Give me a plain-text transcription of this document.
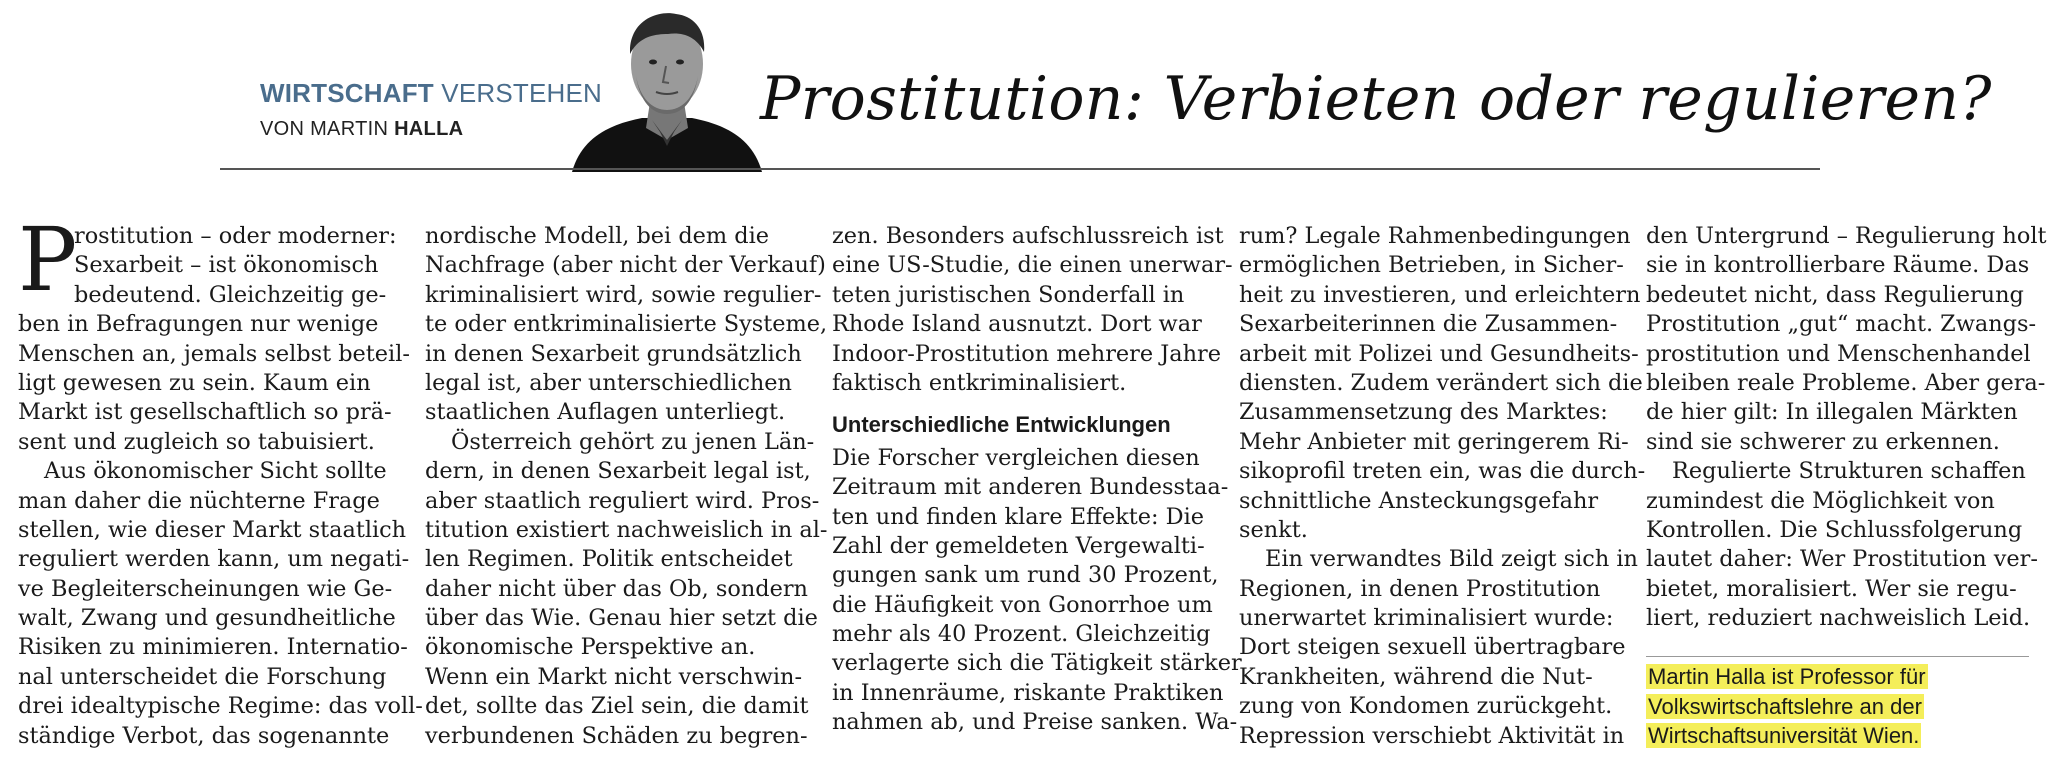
WIRTSCHAFT VERSTEHEN
VON MARTIN HALLA	Prostitution: Verbieten oder regulieren?
P
rostitution – oder moderner:
Sexarbeit – ist ökonomisch
bedeutend. Gleichzeitig ge-
ben in Befragungen nur wenige
Menschen an, jemals selbst beteil-
ligt gewesen zu sein. Kaum ein
Markt ist gesellschaftlich so prä-
sent und zugleich so tabuisiert.
Aus ökonomischer Sicht sollte
man daher die nüchterne Frage
stellen, wie dieser Markt staatlich
reguliert werden kann, um negati-
ve Begleiterscheinungen wie Ge-
walt, Zwang und gesundheitliche
Risiken zu minimieren. Internatio-
nal unterscheidet die Forschung
drei idealtypische Regime: das voll-
ständige Verbot, das sogenannte
nordische Modell, bei dem die
Nachfrage (aber nicht der Verkauf)
kriminalisiert wird, sowie regulier-
te oder entkriminalisierte Systeme,
in denen Sexarbeit grundsätzlich
legal ist, aber unterschiedlichen
staatlichen Auflagen unterliegt.
Österreich gehört zu jenen Län-
dern, in denen Sexarbeit legal ist,
aber staatlich reguliert wird. Pros-
titution existiert nachweislich in al-
len Regimen. Politik entscheidet
daher nicht über das Ob, sondern
über das Wie. Genau hier setzt die
ökonomische Perspektive an.
Wenn ein Markt nicht verschwin-
det, sollte das Ziel sein, die damit
verbundenen Schäden zu begren-
zen. Besonders aufschlussreich ist
eine US-Studie, die einen unerwar-
teten juristischen Sonderfall in
Rhode Island ausnutzt. Dort war
Indoor-Prostitution mehrere Jahre
faktisch entkriminalisiert.
Unterschiedliche Entwicklungen
Die Forscher vergleichen diesen
Zeitraum mit anderen Bundesstaa-
ten und finden klare Effekte: Die
Zahl der gemeldeten Vergewalti-
gungen sank um rund 30 Prozent,
die Häufigkeit von Gonorrhoe um
mehr als 40 Prozent. Gleichzeitig
verlagerte sich die Tätigkeit stärker
in Innenräume, riskante Praktiken
nahmen ab, und Preise sanken. Wa-
rum? Legale Rahmenbedingungen
ermöglichen Betrieben, in Sicher-
heit zu investieren, und erleichtern
Sexarbeiterinnen die Zusammen-
arbeit mit Polizei und Gesundheits-
diensten. Zudem verändert sich die
Zusammensetzung des Marktes:
Mehr Anbieter mit geringerem Ri-
sikoprofil treten ein, was die durch-
schnittliche Ansteckungsgefahr
senkt.
Ein verwandtes Bild zeigt sich in
Regionen, in denen Prostitution
unerwartet kriminalisiert wurde:
Dort steigen sexuell übertragbare
Krankheiten, während die Nut-
zung von Kondomen zurückgeht.
Repression verschiebt Aktivität in
den Untergrund – Regulierung holt
sie in kontrollierbare Räume. Das
bedeutet nicht, dass Regulierung
Prostitution „gut“ macht. Zwangs-
prostitution und Menschenhandel
bleiben reale Probleme. Aber gera-
de hier gilt: In illegalen Märkten
sind sie schwerer zu erkennen.
Regulierte Strukturen schaffen
zumindest die Möglichkeit von
Kontrollen. Die Schlussfolgerung
lautet daher: Wer Prostitution ver-
bietet, moralisiert. Wer sie regu-
liert, reduziert nachweislich Leid.
Martin Halla ist Professor für
Volkswirtschaftslehre an der
Wirtschaftsuniversität Wien.
